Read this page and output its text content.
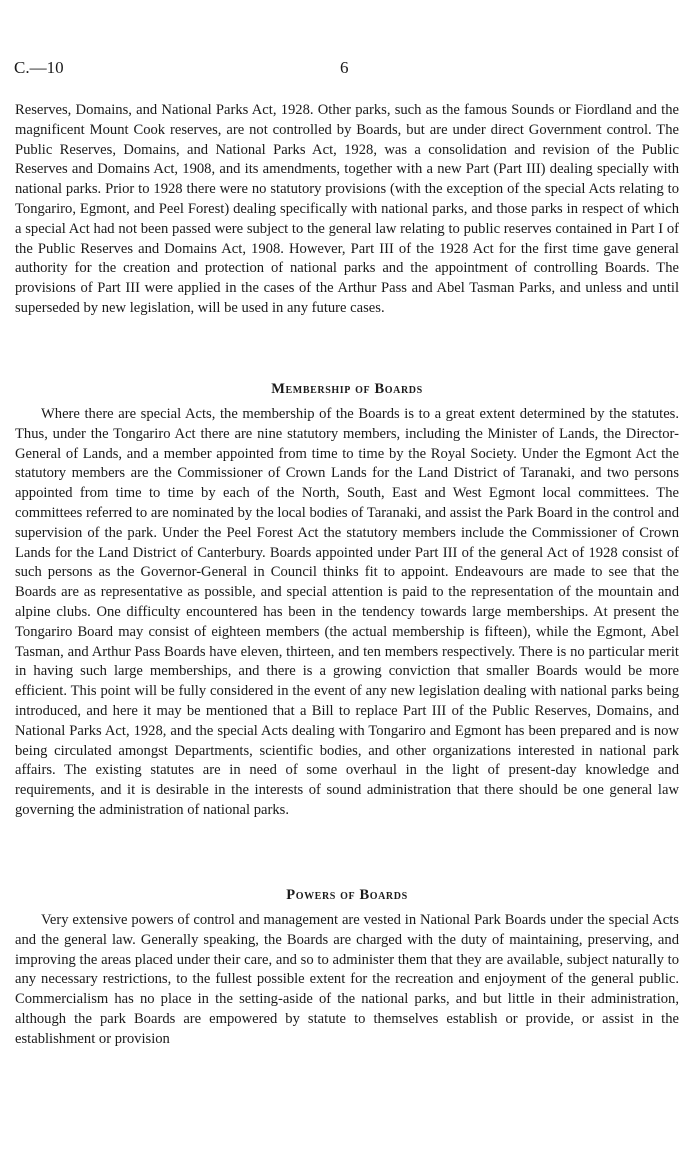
C.—10	6

Reserves, Domains, and National Parks Act, 1928. Other parks, such as the famous Sounds or Fiordland and the magnificent Mount Cook reserves, are not controlled by Boards, but are under direct Government control. The Public Reserves, Domains, and National Parks Act, 1928, was a consolidation and revision of the Public Reserves and Domains Act, 1908, and its amendments, together with a new Part (Part III) dealing specially with national parks. Prior to 1928 there were no statutory provisions (with the exception of the special Acts relating to Tongariro, Egmont, and Peel Forest) dealing specifically with national parks, and those parks in respect of which a special Act had not been passed were subject to the general law relating to public reserves contained in Part I of the Public Reserves and Domains Act, 1908. However, Part III of the 1928 Act for the first time gave general authority for the creation and protection of national parks and the appointment of controlling Boards. The provisions of Part III were applied in the cases of the Arthur Pass and Abel Tasman Parks, and unless and until superseded by new legislation, will be used in any future cases.

Membership of Boards

Where there are special Acts, the membership of the Boards is to a great extent determined by the statutes. Thus, under the Tongariro Act there are nine statutory members, including the Minister of Lands, the Director-General of Lands, and a member appointed from time to time by the Royal Society. Under the Egmont Act the statutory members are the Commissioner of Crown Lands for the Land District of Taranaki, and two persons appointed from time to time by each of the North, South, East and West Egmont local committees. The committees referred to are nominated by the local bodies of Taranaki, and assist the Park Board in the control and supervision of the park. Under the Peel Forest Act the statutory members include the Commissioner of Crown Lands for the Land District of Canterbury. Boards appointed under Part III of the general Act of 1928 consist of such persons as the Governor-General in Council thinks fit to appoint. Endeavours are made to see that the Boards are as representative as possible, and special attention is paid to the representation of the mountain and alpine clubs. One difficulty encountered has been in the tendency towards large memberships. At present the Tongariro Board may consist of eighteen members (the actual membership is fifteen), while the Egmont, Abel Tasman, and Arthur Pass Boards have eleven, thirteen, and ten members respectively. There is no particular merit in having such large memberships, and there is a growing conviction that smaller Boards would be more efficient. This point will be fully considered in the event of any new legislation dealing with national parks being introduced, and here it may be mentioned that a Bill to replace Part III of the Public Reserves, Domains, and National Parks Act, 1928, and the special Acts dealing with Tongariro and Egmont has been prepared and is now being circulated amongst Departments, scientific bodies, and other organizations interested in national park affairs. The existing statutes are in need of some overhaul in the light of present-day knowledge and requirements, and it is desirable in the interests of sound administration that there should be one general law governing the administration of national parks.

Powers of Boards

Very extensive powers of control and management are vested in National Park Boards under the special Acts and the general law. Generally speaking, the Boards are charged with the duty of maintaining, preserving, and improving the areas placed under their care, and so to administer them that they are available, subject naturally to any necessary restrictions, to the fullest possible extent for the recreation and enjoyment of the general public. Commercialism has no place in the setting-aside of the national parks, and but little in their administration, although the park Boards are empowered by statute to themselves establish or provide, or assist in the establishment or provision
